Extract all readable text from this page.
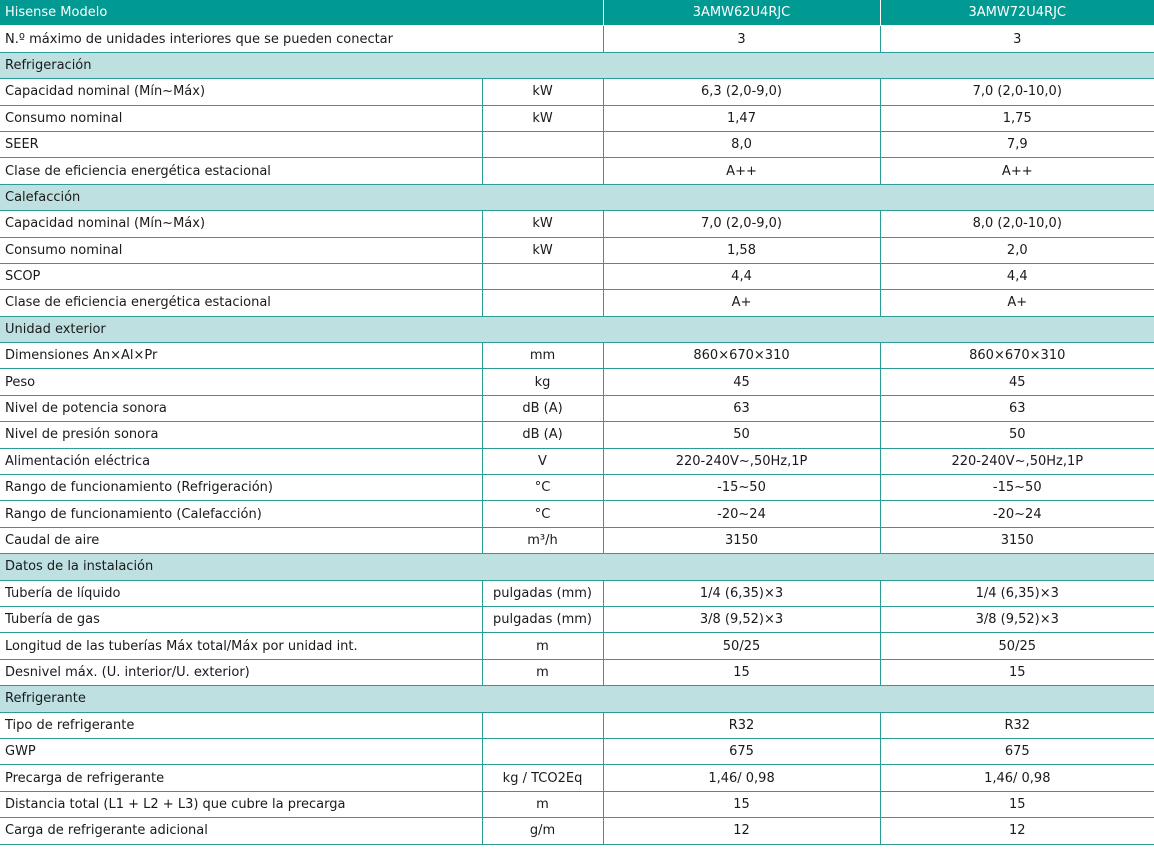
Hisense Modelo		3AMW62U4RJC	3AMW72U4RJC
N.º máximo de unidades interiores que se pueden conectar		3	3
Refrigeración			
Capacidad nominal (Mín~Máx)	kW	6,3 (2,0-9,0)	7,0 (2,0-10,0)
Consumo nominal	kW	1,47	1,75
SEER		8,0	7,9
Clase de eficiencia energética estacional		A++	A++
Calefacción			
Capacidad nominal (Mín~Máx)	kW	7,0 (2,0-9,0)	8,0 (2,0-10,0)
Consumo nominal	kW	1,58	2,0
SCOP		4,4	4,4
Clase de eficiencia energética estacional		A+	A+
Unidad exterior			
Dimensiones An×Al×Pr	mm	860×670×310	860×670×310
Peso	kg	45	45
Nivel de potencia sonora	dB (A)	63	63
Nivel de presión sonora	dB (A)	50	50
Alimentación eléctrica	V	220-240V~,50Hz,1P	220-240V~,50Hz,1P
Rango de funcionamiento (Refrigeración)	°C	-15~50	-15~50
Rango de funcionamiento (Calefacción)	°C	-20~24	-20~24
Caudal de aire	m³/h	3150	3150
Datos de la instalación			
Tubería de líquido	pulgadas (mm)	1/4 (6,35)×3	1/4 (6,35)×3
Tubería de gas	pulgadas (mm)	3/8 (9,52)×3	3/8 (9,52)×3
Longitud de las tuberías Máx total/Máx por unidad int.	m	50/25	50/25
Desnivel máx. (U. interior/U. exterior)	m	15	15
Refrigerante			
Tipo de refrigerante		R32	R32
GWP		675	675
Precarga de refrigerante	kg / TCO2Eq	1,46/ 0,98	1,46/ 0,98
Distancia total (L1 + L2 + L3) que cubre la precarga	m	15	15
Carga de refrigerante adicional	g/m	12	12
